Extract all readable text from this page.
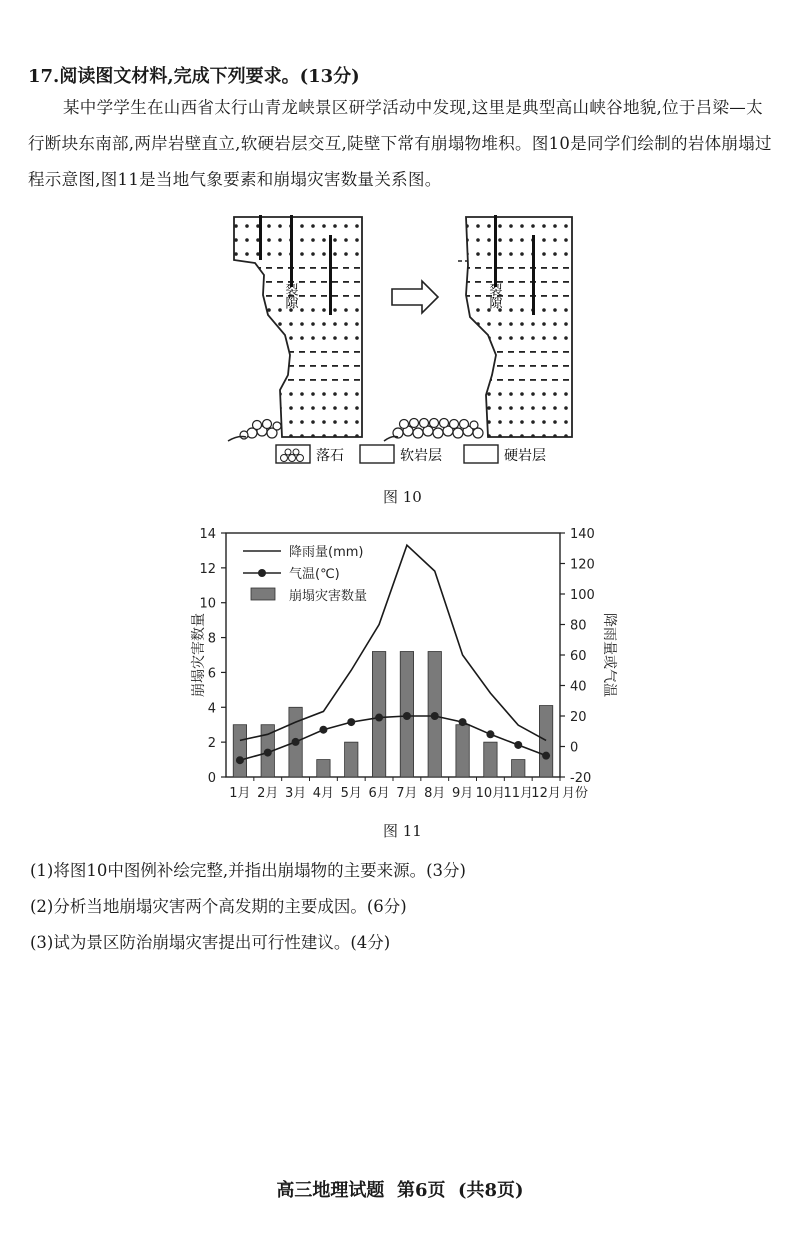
17.阅读图文材料,完成下列要求。(13分)
某中学学生在山西省太行山青龙峡景区研学活动中发现,这里是典型高山峡谷地貌,位于吕梁—太行断块东南部,两岸岩壁直立,软硬岩层交互,陡壁下常有崩塌物堆积。图10是同学们绘制的岩体崩塌过程示意图,图11是当地气象要素和崩塌灾害数量关系图。
裂隙	裂隙
落石	软岩层	硬岩层
图 10
0
2
4
6
8
10
12
14
-20
0
20
40
60
80
100
120
140
崩塌灾害数量	降雨量或气温
1月 2月 3月 4月 5月 6月 7月 8月 9月 10月
11月
12月 月份
降雨量(mm)
气温(℃)
崩塌灾害数量
图 11
(1)将图10中图例补绘完整,并指出崩塌物的主要来源。(3分)
(2)分析当地崩塌灾害两个高发期的主要成因。(6分)
(3)试为景区防治崩塌灾害提出可行性建议。(4分)
高三地理试题  第6页  (共8页)
